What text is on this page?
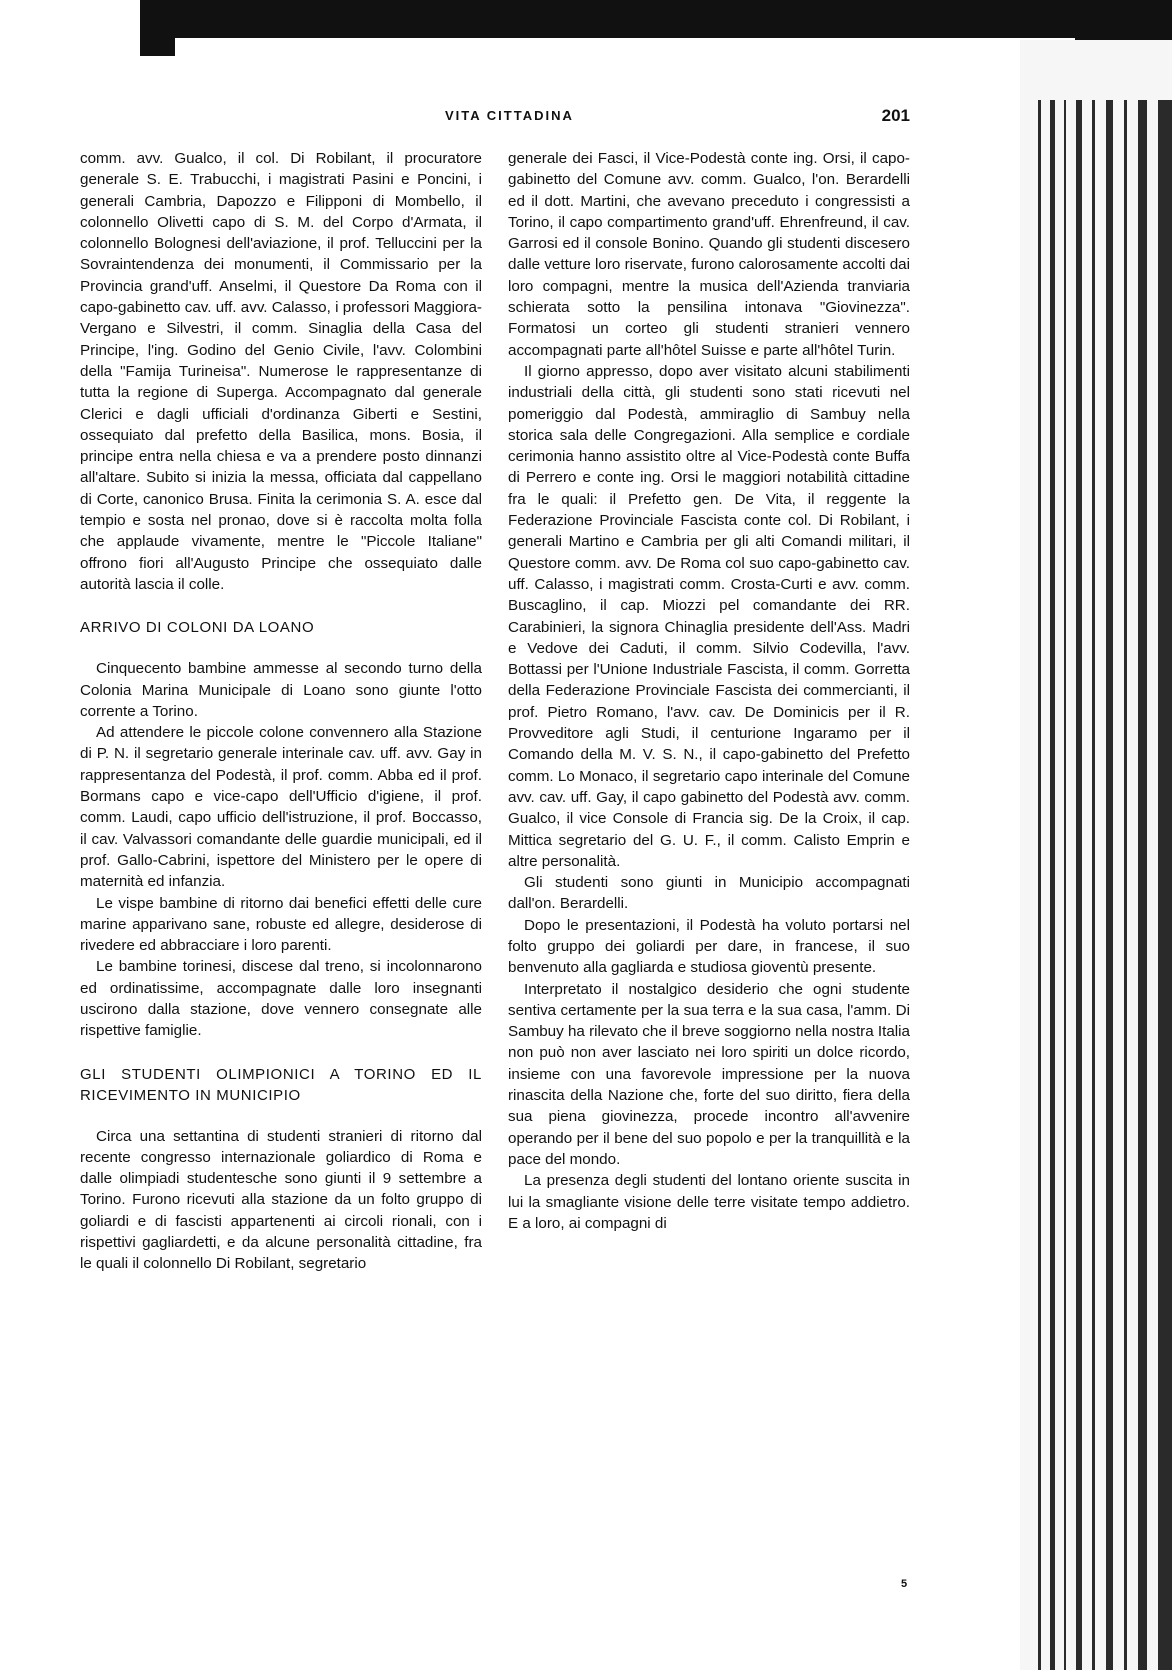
VITA CITTADINA	201

comm. avv. Gualco, il col. Di Robilant, il procuratore generale S. E. Trabucchi, i magistrati Pasini e Poncini, i generali Cambria, Dapozzo e Filipponi di Mombello, il colonnello Olivetti capo di S. M. del Corpo d'Armata, il colonnello Bolognesi dell'aviazione, il prof. Telluccini per la Sovraintendenza dei monumenti, il Commissario per la Provincia grand'uff. Anselmi, il Questore Da Roma con il capo-gabinetto cav. uff. avv. Calasso, i professori Maggiora-Vergano e Silvestri, il comm. Sinaglia della Casa del Principe, l'ing. Godino del Genio Civile, l'avv. Colombini della "Famija Turineisa". Numerose le rappresentanze di tutta la regione di Superga. Accompagnato dal generale Clerici e dagli ufficiali d'ordinanza Giberti e Sestini, ossequiato dal prefetto della Basilica, mons. Bosia, il principe entra nella chiesa e va a prendere posto dinnanzi all'altare. Subito si inizia la messa, officiata dal cappellano di Corte, canonico Brusa. Finita la cerimonia S. A. esce dal tempio e sosta nel pronao, dove si è raccolta molta folla che applaude vivamente, mentre le "Piccole Italiane" offrono fiori all'Augusto Principe che ossequiato dalle autorità lascia il colle.

ARRIVO DI COLONI DA LOANO

Cinquecento bambine ammesse al secondo turno della Colonia Marina Municipale di Loano sono giunte l'otto corrente a Torino.

Ad attendere le piccole colone convennero alla Stazione di P. N. il segretario generale interinale cav. uff. avv. Gay in rappresentanza del Podestà, il prof. comm. Abba ed il prof. Bormans capo e vice-capo dell'Ufficio d'igiene, il prof. comm. Laudi, capo ufficio dell'istruzione, il prof. Boccasso, il cav. Valvassori comandante delle guardie municipali, ed il prof. Gallo-Cabrini, ispettore del Ministero per le opere di maternità ed infanzia.

Le vispe bambine di ritorno dai benefici effetti delle cure marine apparivano sane, robuste ed allegre, desiderose di rivedere ed abbracciare i loro parenti.

Le bambine torinesi, discese dal treno, si incolonnarono ed ordinatissime, accompagnate dalle loro insegnanti uscirono dalla stazione, dove vennero consegnate alle rispettive famiglie.

GLI STUDENTI OLIMPIONICI A TORINO ED IL RICEVIMENTO IN MUNICIPIO

Circa una settantina di studenti stranieri di ritorno dal recente congresso internazionale goliardico di Roma e dalle olimpiadi studentesche sono giunti il 9 settembre a Torino. Furono ricevuti alla stazione da un folto gruppo di goliardi e di fascisti appartenenti ai circoli rionali, con i rispettivi gagliardetti, e da alcune personalità cittadine, fra le quali il colonnello Di Robilant, segretario

generale dei Fasci, il Vice-Podestà conte ing. Orsi, il capo-gabinetto del Comune avv. comm. Gualco, l'on. Berardelli ed il dott. Martini, che avevano preceduto i congressisti a Torino, il capo compartimento grand'uff. Ehrenfreund, il cav. Garrosi ed il console Bonino. Quando gli studenti discesero dalle vetture loro riservate, furono calorosamente accolti dai loro compagni, mentre la musica dell'Azienda tranviaria schierata sotto la pensilina intonava "Giovinezza". Formatosi un corteo gli studenti stranieri vennero accompagnati parte all'hôtel Suisse e parte all'hôtel Turin.

Il giorno appresso, dopo aver visitato alcuni stabilimenti industriali della città, gli studenti sono stati ricevuti nel pomeriggio dal Podestà, ammiraglio di Sambuy nella storica sala delle Congregazioni. Alla semplice e cordiale cerimonia hanno assistito oltre al Vice-Podestà conte Buffa di Perrero e conte ing. Orsi le maggiori notabilità cittadine fra le quali: il Prefetto gen. De Vita, il reggente la Federazione Provinciale Fascista conte col. Di Robilant, i generali Martino e Cambria per gli alti Comandi militari, il Questore comm. avv. De Roma col suo capo-gabinetto cav. uff. Calasso, i magistrati comm. Crosta-Curti e avv. comm. Buscaglino, il cap. Miozzi pel comandante dei RR. Carabinieri, la signora Chinaglia presidente dell'Ass. Madri e Vedove dei Caduti, il comm. Silvio Codevilla, l'avv. Bottassi per l'Unione Industriale Fascista, il comm. Gorretta della Federazione Provinciale Fascista dei commercianti, il prof. Pietro Romano, l'avv. cav. De Dominicis per il R. Provveditore agli Studi, il centurione Ingaramo per il Comando della M. V. S. N., il capo-gabinetto del Prefetto comm. Lo Monaco, il segretario capo interinale del Comune avv. cav. uff. Gay, il capo gabinetto del Podestà avv. comm. Gualco, il vice Console di Francia sig. De la Croix, il cap. Mittica segretario del G. U. F., il comm. Calisto Emprin e altre personalità.

Gli studenti sono giunti in Municipio accompagnati dall'on. Berardelli.

Dopo le presentazioni, il Podestà ha voluto portarsi nel folto gruppo dei goliardi per dare, in francese, il suo benvenuto alla gagliarda e studiosa gioventù presente.

Interpretato il nostalgico desiderio che ogni studente sentiva certamente per la sua terra e la sua casa, l'amm. Di Sambuy ha rilevato che il breve soggiorno nella nostra Italia non può non aver lasciato nei loro spiriti un dolce ricordo, insieme con una favorevole impressione per la nuova rinascita della Nazione che, forte del suo diritto, fiera della sua piena giovinezza, procede incontro all'avvenire operando per il bene del suo popolo e per la tranquillità e la pace del mondo.

La presenza degli studenti del lontano oriente suscita in lui la smagliante visione delle terre visitate tempo addietro. E a loro, ai compagni di

5
